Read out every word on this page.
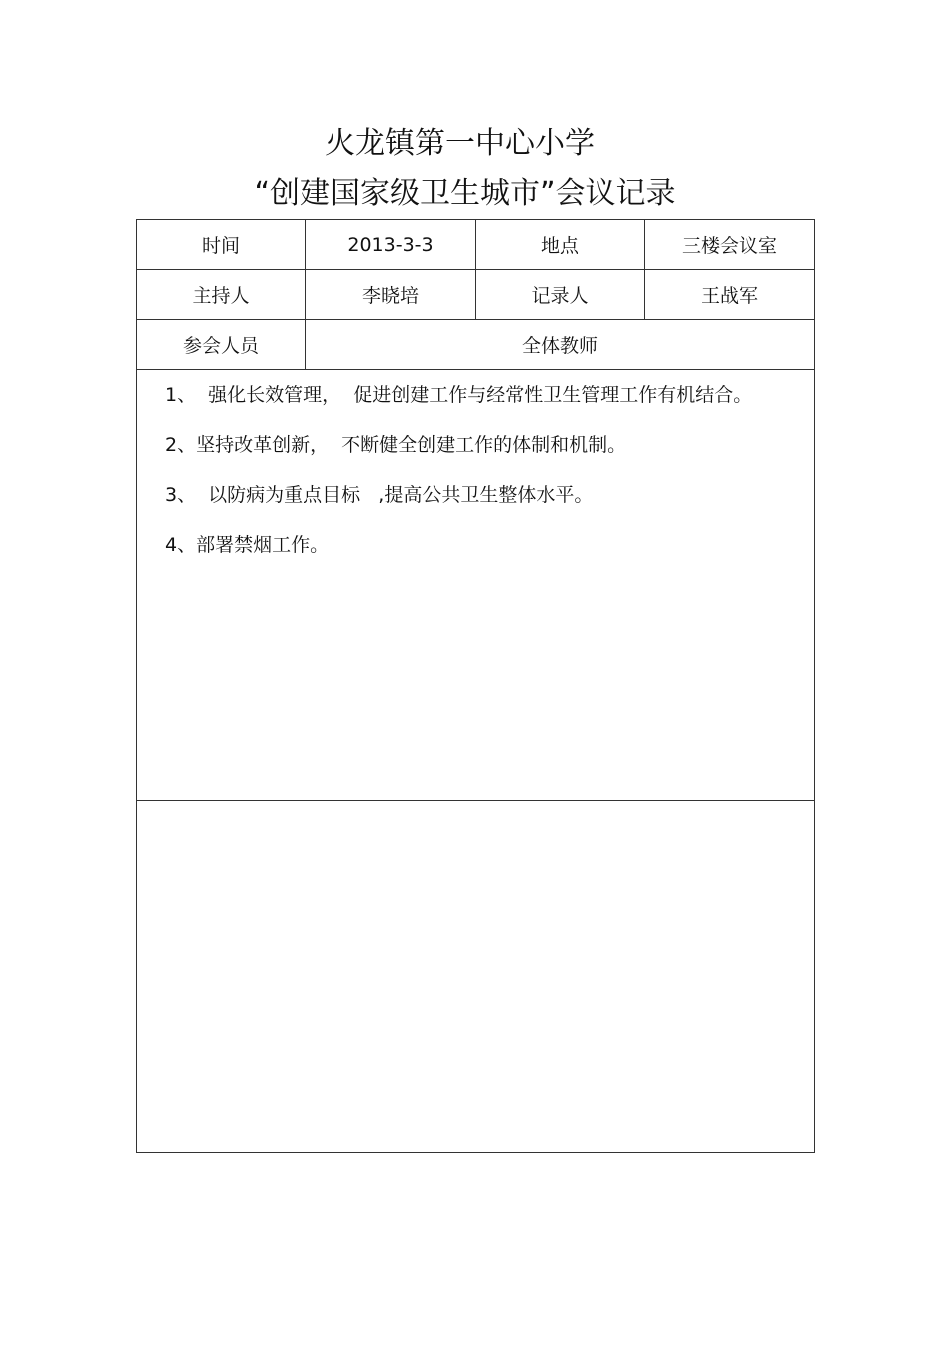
火龙镇第一中心小学
“创建国家级卫生城市”会议记录
时间	2013-3-3	地点	三楼会议室
主持人	李晓培	记录人	王战军
参会人员	全体教师		

1、  强化长效管理，  促进创建工作与经常性卫生管理工作有机结合。
2、坚持改革创新，  不断健全创建工作的体制和机制。
3、  以防病为重点目标   ,提高公共卫生整体水平。
4、部署禁烟工作。			
